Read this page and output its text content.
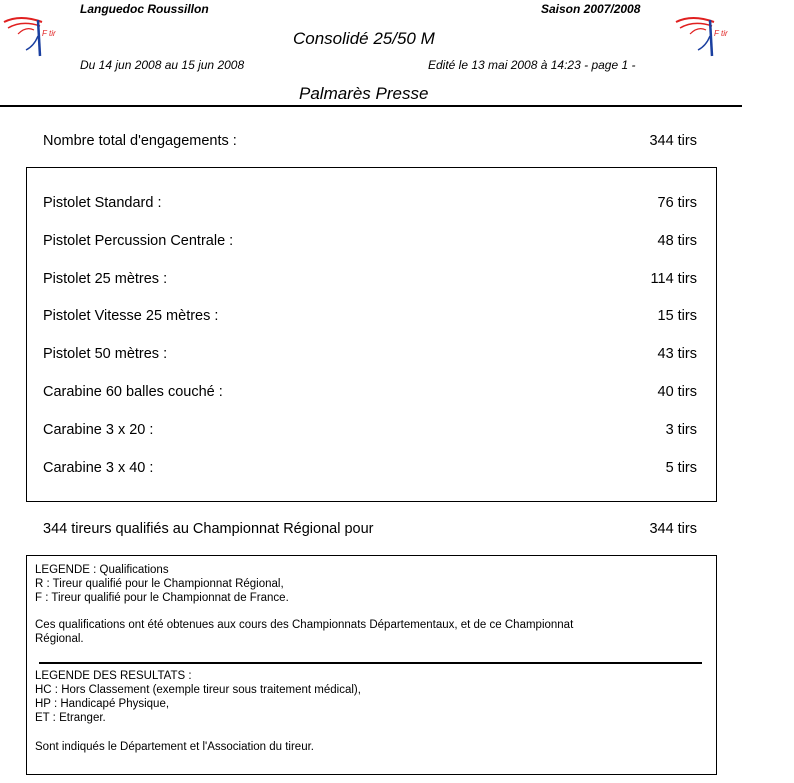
F tir	F tir
Languedoc Roussillon	Saison 2007/2008
Consolidé 25/50 M
Du 14 jun 2008 au 15 jun 2008	Edité le 13 mai 2008 à 14:23 - page 1 -
Palmarès Presse
Nombre total d'engagements :	344 tirs
Pistolet Standard :	76 tirs
Pistolet Percussion Centrale :	48 tirs
Pistolet 25 mètres :	114 tirs
Pistolet Vitesse 25 mètres :	15 tirs
Pistolet 50 mètres :	43 tirs
Carabine 60 balles couché :	40 tirs
Carabine 3 x 20 :	3 tirs
Carabine 3 x 40 :	5 tirs
344 tireurs qualifiés au Championnat Régional pour	344 tirs
LEGENDE : Qualifications
R : Tireur qualifié pour le Championnat Régional,
F : Tireur qualifié pour le Championnat de France.
Ces qualifications ont été obtenues aux cours des Championnats Départementaux, et de ce Championnat
Régional.
LEGENDE DES RESULTATS :
HC : Hors Classement (exemple tireur sous traitement médical),
HP : Handicapé Physique,
ET : Etranger.
Sont indiqués le Département et l'Association du tireur.
